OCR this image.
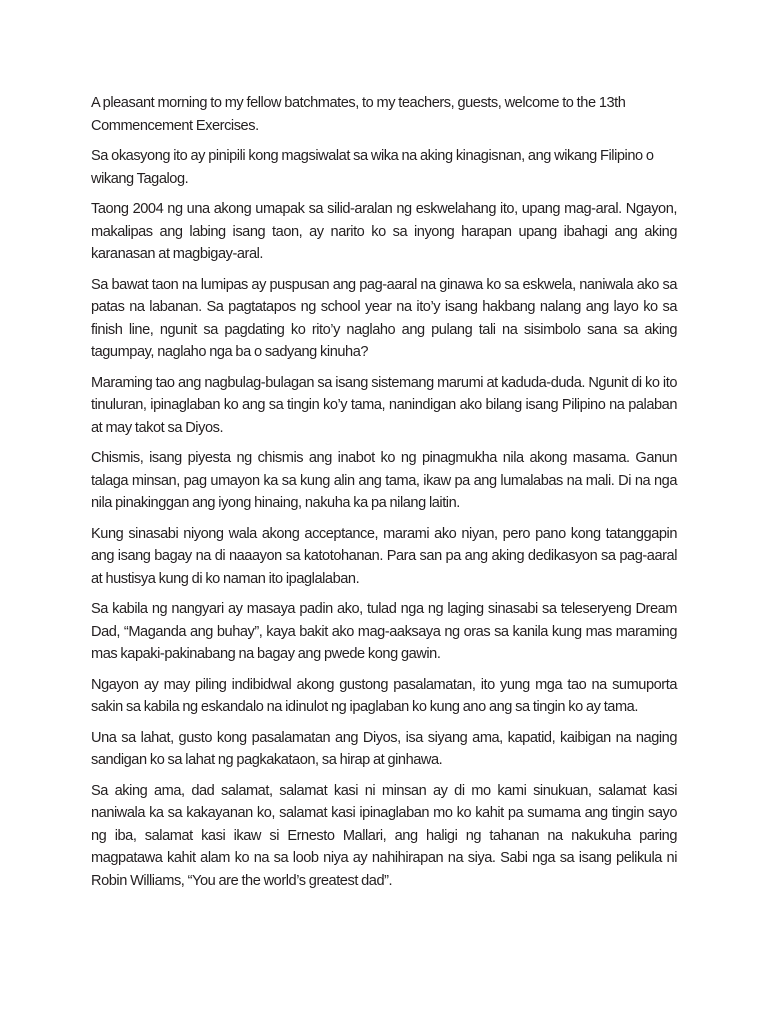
A pleasant morning to my fellow batchmates, to my teachers, guests, welcome to the 13th Commencement Exercises.

Sa okasyong ito ay pinipili kong magsiwalat sa wika na aking kinagisnan, ang wikang Filipino o wikang Tagalog.

Taong 2004 ng una akong umapak sa silid-aralan ng eskwelahang ito, upang mag-aral. Ngayon, makalipas ang labing isang taon, ay narito ko sa inyong harapan upang ibahagi ang aking karanasan at magbigay-aral.

Sa bawat taon na lumipas ay puspusan ang pag-aaral na ginawa ko sa eskwela, naniwala ako sa patas na labanan. Sa pagtatapos ng school year na ito’y isang hakbang nalang ang layo ko sa finish line, ngunit sa pagdating ko rito’y naglaho ang pulang tali na sisimbolo sana sa aking tagumpay, naglaho nga ba o sadyang kinuha?

Maraming tao ang nagbulag-bulagan sa isang sistemang marumi at kaduda-duda. Ngunit di ko ito tinuluran, ipinaglaban ko ang sa tingin ko’y tama, nanindigan ako bilang isang Pilipino na palaban at may takot sa Diyos.

Chismis, isang piyesta ng chismis ang inabot ko ng pinagmukha nila akong masama. Ganun talaga minsan, pag umayon ka sa kung alin ang tama, ikaw pa ang lumalabas na mali. Di na nga nila pinakinggan ang iyong hinaing, nakuha ka pa nilang laitin.

Kung sinasabi niyong wala akong acceptance, marami ako niyan, pero pano kong tatanggapin ang isang bagay na di naaayon sa katotohanan. Para san pa ang aking dedikasyon sa pag-aaral at hustisya kung di ko naman ito ipaglalaban.

Sa kabila ng nangyari ay masaya padin ako, tulad nga ng laging sinasabi sa teleseryeng Dream Dad, “Maganda ang buhay”, kaya bakit ako mag-aaksaya ng oras sa kanila kung mas maraming mas kapaki-pakinabang na bagay ang pwede kong gawin.

Ngayon ay may piling indibidwal akong gustong pasalamatan, ito yung mga tao na sumuporta sakin sa kabila ng eskandalo na idinulot ng ipaglaban ko kung ano ang sa tingin ko ay tama.

Una sa lahat, gusto kong pasalamatan ang Diyos, isa siyang ama, kapatid, kaibigan na naging sandigan ko sa lahat ng pagkakataon, sa hirap at ginhawa.

Sa aking ama, dad salamat, salamat kasi ni minsan ay di mo kami sinukuan, salamat kasi naniwala ka sa kakayanan ko, salamat kasi ipinaglaban mo ko kahit pa sumama ang tingin sayo ng iba, salamat kasi ikaw si Ernesto Mallari, ang haligi ng tahanan na nakukuha paring magpatawa kahit alam ko na sa loob niya ay nahihirapan na siya. Sabi nga sa isang pelikula ni Robin Williams, “You are the world’s greatest dad”.
